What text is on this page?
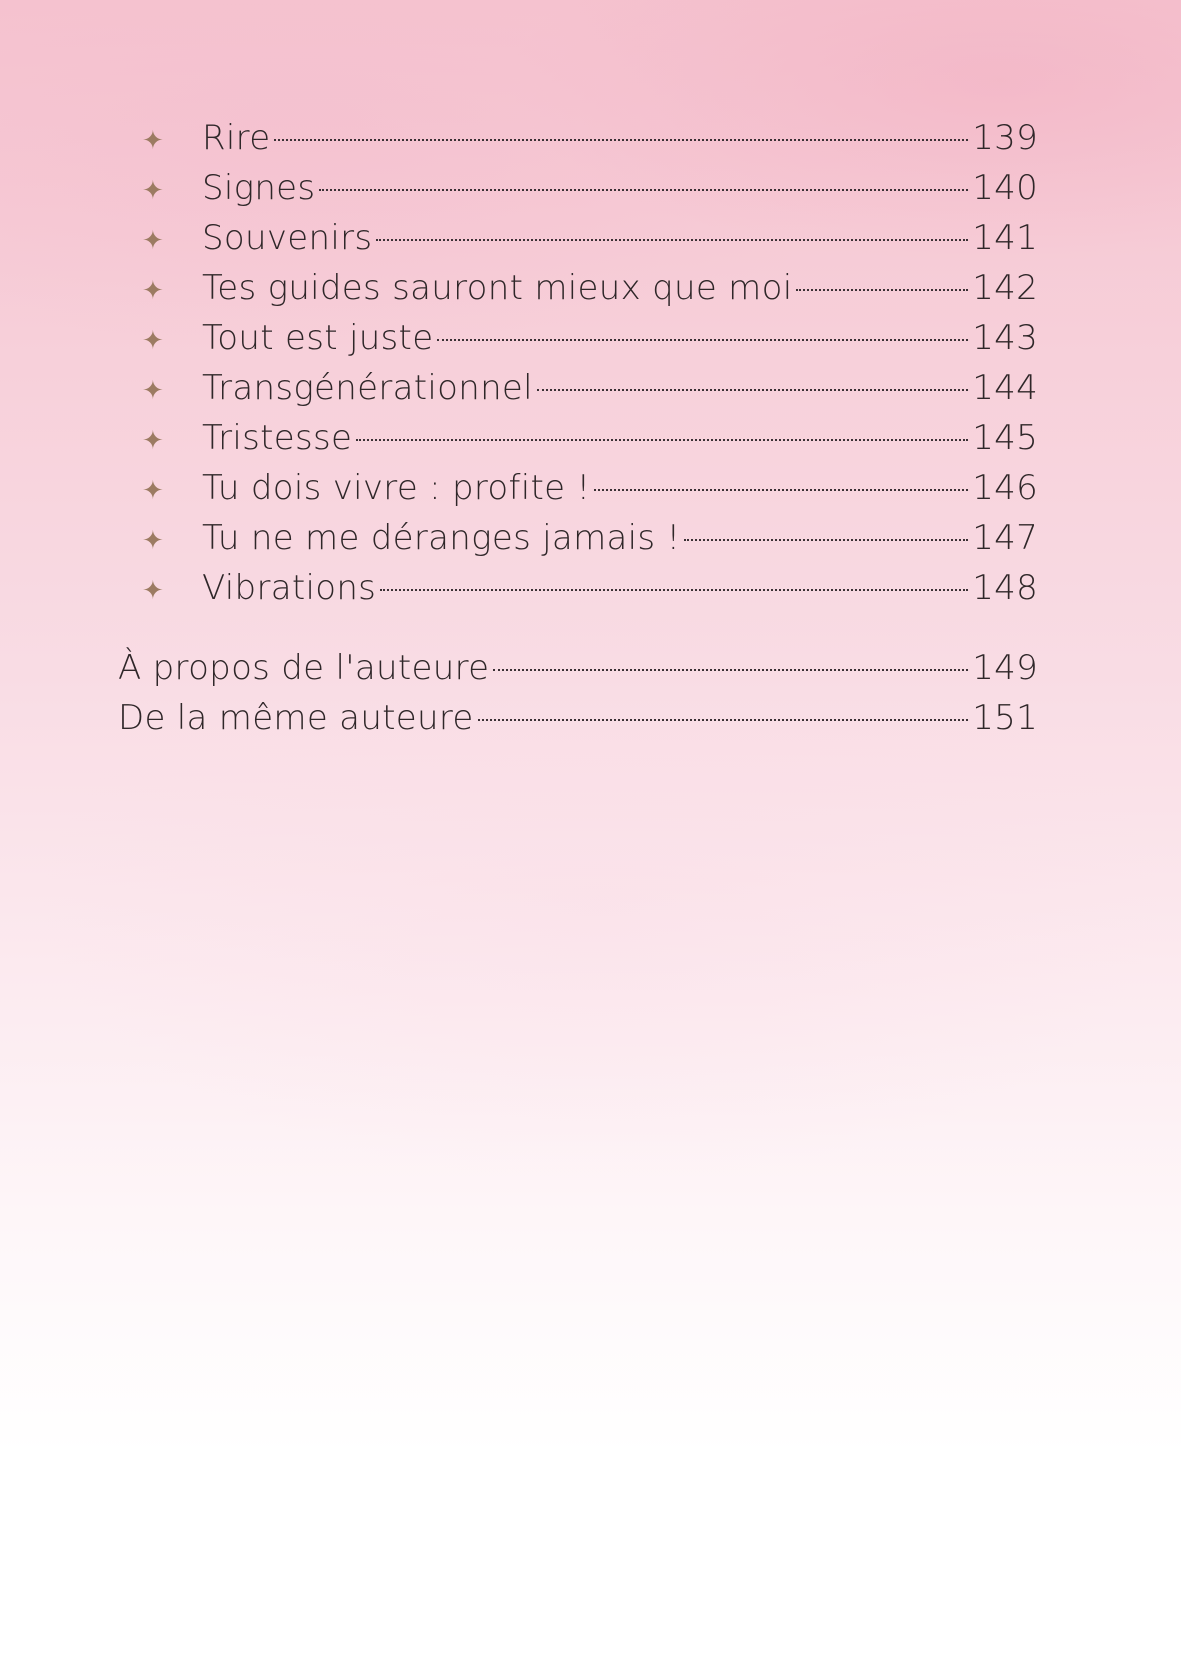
✦	Rire	139
✦	Signes	140
✦	Souvenirs	141
✦	Tes guides sauront mieux que moi	142
✦	Tout est juste	143
✦	Transgénérationnel	144
✦	Tristesse	145
✦	Tu dois vivre : profite !	146
✦	Tu ne me déranges jamais !	147
✦	Vibrations	148
À propos de l'auteure	149
De la même auteure	151
